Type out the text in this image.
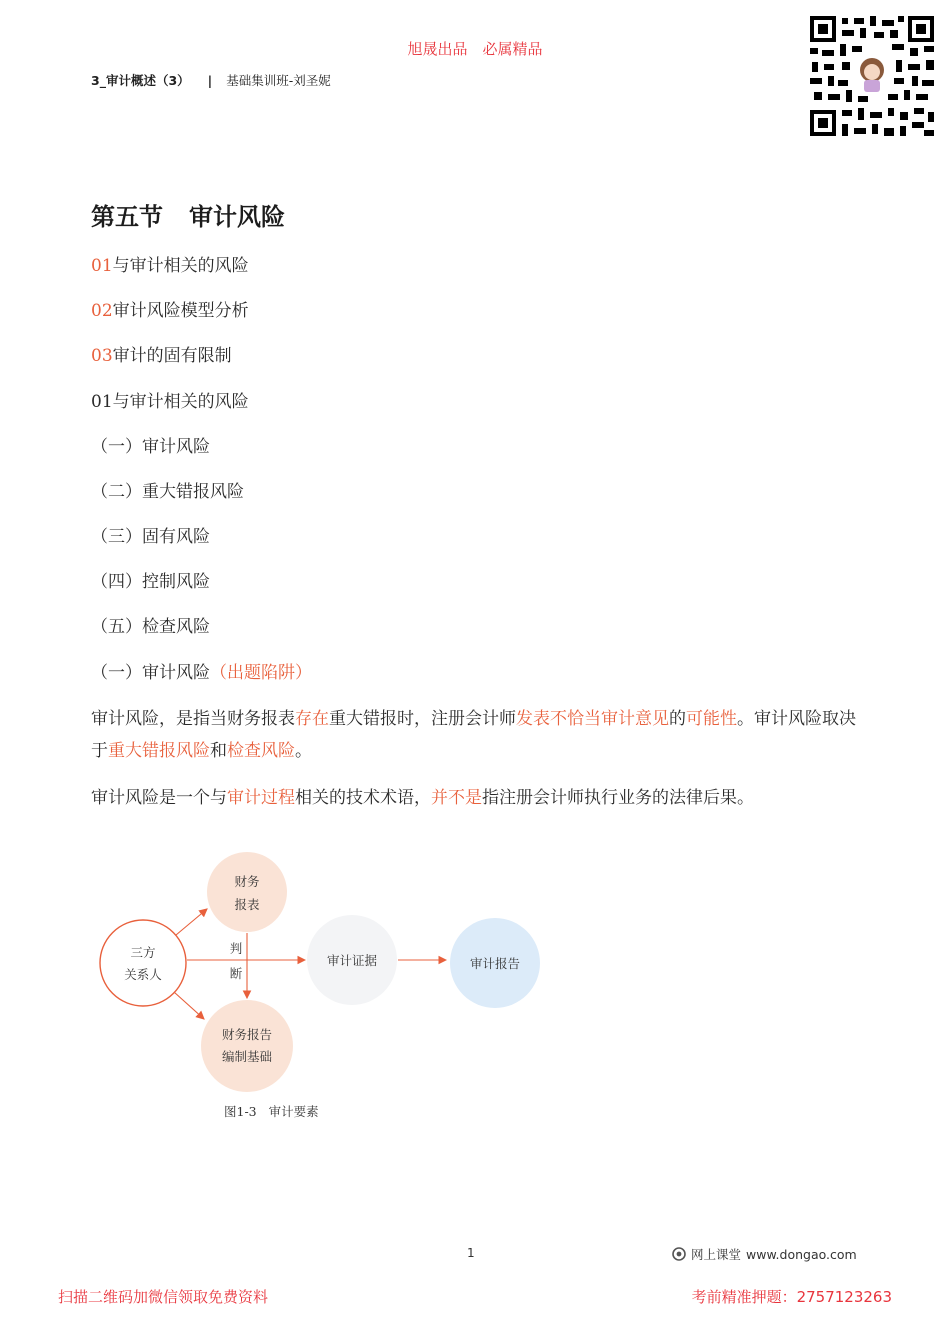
旭晟出品　必属精品
3_审计概述（3） | 基础集训班-刘圣妮
第五节 审计风险
01与审计相关的风险
02审计风险模型分析
03审计的固有限制
01与审计相关的风险
（一）审计风险
（二）重大错报风险
（三）固有风险
（四）控制风险
（五）检查风险
（一）审计风险（出题陷阱）
审计风险，是指当财务报表存在重大错报时，注册会计师发表不恰当审计意见的可能性。审计风险取决于重大错报风险和检查风险。
审计风险是一个与审计过程相关的技术术语，并不是指注册会计师执行业务的法律后果。
三方
关系人
财务
报表
判
断
财务报告
编制基础
审计证据	审计报告
图1-3 审计要素
1	网上课堂 www.dongao.com
扫描二维码加微信领取免费资料	考前精准押题：2757123263
